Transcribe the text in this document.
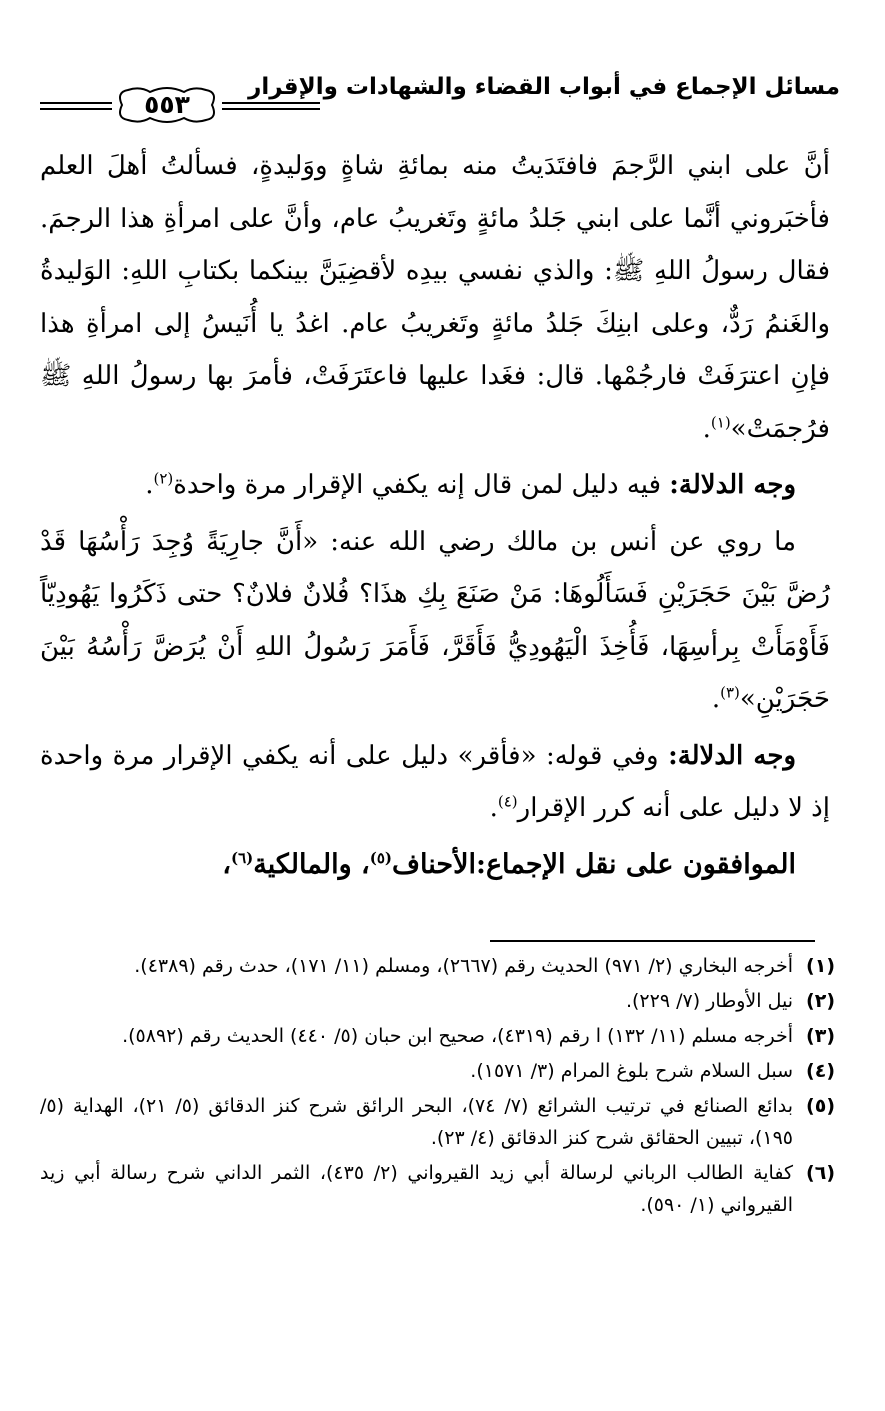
مسائل الإجماع في أبواب القضاء والشهادات والإقرار
٥٥٣

أنَّ على ابني الرَّجمَ فافتَدَيتُ منه بمائةِ شاةٍ ووَليدةٍ، فسألتُ أهلَ العلم فأخبَروني أنَّما على ابني جَلدُ مائةٍ وتَغريبُ عام، وأنَّ على امرأةِ هذا الرجمَ. فقال رسولُ اللهِ ﷺ: والذي نفسي بيدِه لأقضِيَنَّ بينكما بكتابِ اللهِ: الوَليدةُ والغَنمُ رَدٌّ، وعلى ابنِكَ جَلدُ مائةٍ وتَغريبُ عام. اغدُ يا أُنَيسُ إلى امرأةِ هذا فإنِ اعترَفَتْ فارجُمْها. قال: فغَدا عليها فاعتَرَفَتْ، فأمرَ بها رسولُ اللهِ ﷺ فرُجمَتْ»$^{(١)}$.

وجه الدلالة: فيه دليل لمن قال إنه يكفي الإقرار مرة واحدة$^{(٢)}$.

ما روي عن أنس بن مالك رضي الله عنه: «أَنَّ جارِيَةً وُجِدَ رَأْسُهَا قَدْ رُضَّ بَيْنَ حَجَرَيْنِ فَسَأَلُوهَا: مَنْ صَنَعَ بِكِ هذَا؟ فُلانٌ فلانٌ؟ حتى ذَكَرُوا يَهُودِيّاً فَأَوْمَأَتْ بِرأسِهَا، فَأُخِذَ الْيَهُودِيُّ فَأَقَرَّ، فَأَمَرَ رَسُولُ اللهِ أَنْ يُرَضَّ رَأْسُهُ بَيْنَ حَجَرَيْنِ»$^{(٣)}$.

وجه الدلالة: وفي قوله: «فأقر» دليل على أنه يكفي الإقرار مرة واحدة إذ لا دليل على أنه كرر الإقرار$^{(٤)}$.

الموافقون على نقل الإجماع:الأحناف$^{(٥)}$، والمالكية$^{(٦)}$،

(١)
أخرجه البخاري (٢/ ٩٧١) الحديث رقم (٢٦٦٧)، ومسلم (١١/ ١٧١)، حدث رقم (٤٣٨٩).

(٢)
نيل الأوطار (٧/ ٢٢٩).

(٣)
أخرجه مسلم (١١/ ١٣٢) ا رقم (٤٣١٩)، صحيح ابن حبان (٥/ ٤٤٠) الحديث رقم (٥٨٩٢).

(٤)
سبل السلام شرح بلوغ المرام (٣/ ١٥٧١).

(٥)
بدائع الصنائع في ترتيب الشرائع (٧/ ٧٤)، البحر الرائق شرح كنز الدقائق (٥/ ٢١)، الهداية (٥/ ١٩٥)، تبيين الحقائق شرح كنز الدقائق (٤/ ٢٣).

(٦)
كفاية الطالب الرباني لرسالة أبي زيد القيرواني (٢/ ٤٣٥)، الثمر الداني شرح رسالة أبي زيد القيرواني (١/ ٥٩٠).
